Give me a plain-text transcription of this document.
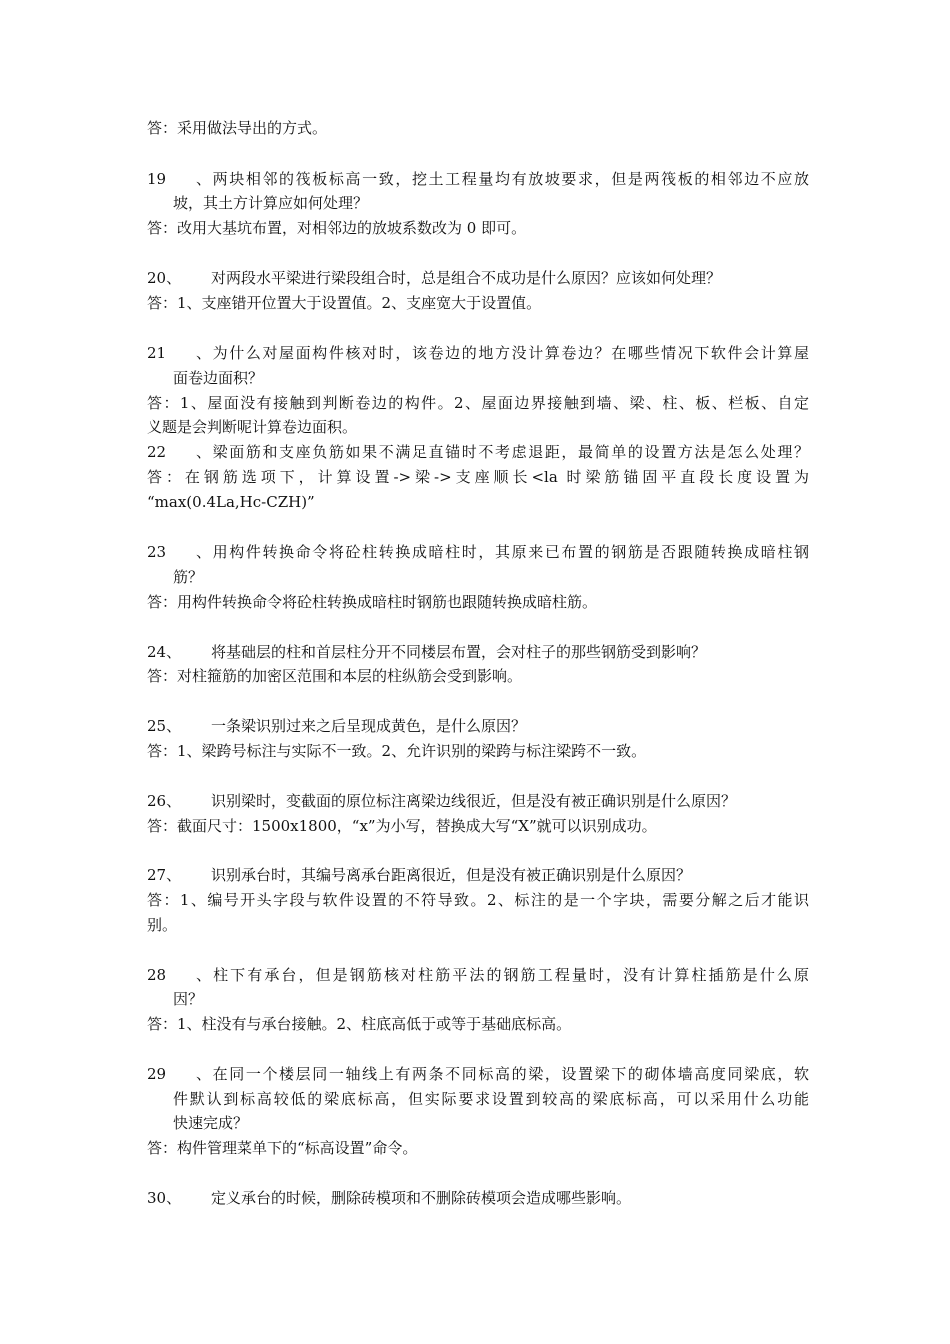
答：采用做法导出的方式。
19、两块相邻的筏板标高一致，挖土工程量均有放坡要求，但是两筏板的相邻边不应放
坡，其土方计算应如何处理？
答：改用大基坑布置，对相邻边的放坡系数改为 0 即可。
20、 对两段水平梁进行梁段组合时，总是组合不成功是什么原因？应该如何处理？
答：1、支座错开位置大于设置值。2、支座宽大于设置值。
21、为什么对屋面构件核对时，该卷边的地方没计算卷边？在哪些情况下软件会计算屋
面卷边面积？
答：1、屋面没有接触到判断卷边的构件。2、屋面边界接触到墙、梁、柱、板、栏板、自定
义题是会判断呢计算卷边面积。
22、梁面筋和支座负筋如果不满足直锚时不考虑退距，最简单的设置方法是怎么处理？
答：在钢筋选项下，计算设置->梁->支座顺长<la 时梁筋锚固平直段长度设置为
“max(0.4La,Hc-CZH)”
23、用构件转换命令将砼柱转换成暗柱时，其原来已布置的钢筋是否跟随转换成暗柱钢
筋？
答：用构件转换命令将砼柱转换成暗柱时钢筋也跟随转换成暗柱筋。
24、 将基础层的柱和首层柱分开不同楼层布置，会对柱子的那些钢筋受到影响？
答：对柱箍筋的加密区范围和本层的柱纵筋会受到影响。
25、 一条梁识别过来之后呈现成黄色，是什么原因？
答：1、梁跨号标注与实际不一致。2、允许识别的梁跨与标注梁跨不一致。
26、 识别梁时，变截面的原位标注离梁边线很近，但是没有被正确识别是什么原因？
答：截面尺寸：1500x1800，“x”为小写，替换成大写“X”就可以识别成功。
27、 识别承台时，其编号离承台距离很近，但是没有被正确识别是什么原因？
答：1、编号开头字段与软件设置的不符导致。2、标注的是一个字块，需要分解之后才能识
别。
28、柱下有承台，但是钢筋核对柱筋平法的钢筋工程量时，没有计算柱插筋是什么原
因？
答：1、柱没有与承台接触。2、柱底高低于或等于基础底标高。
29、在同一个楼层同一轴线上有两条不同标高的梁，设置梁下的砌体墙高度同梁底，软
件默认到标高较低的梁底标高，但实际要求设置到较高的梁底标高，可以采用什么功能
快速完成？
答：构件管理菜单下的“标高设置”命令。
30、 定义承台的时候，删除砖模项和不删除砖模项会造成哪些影响。
